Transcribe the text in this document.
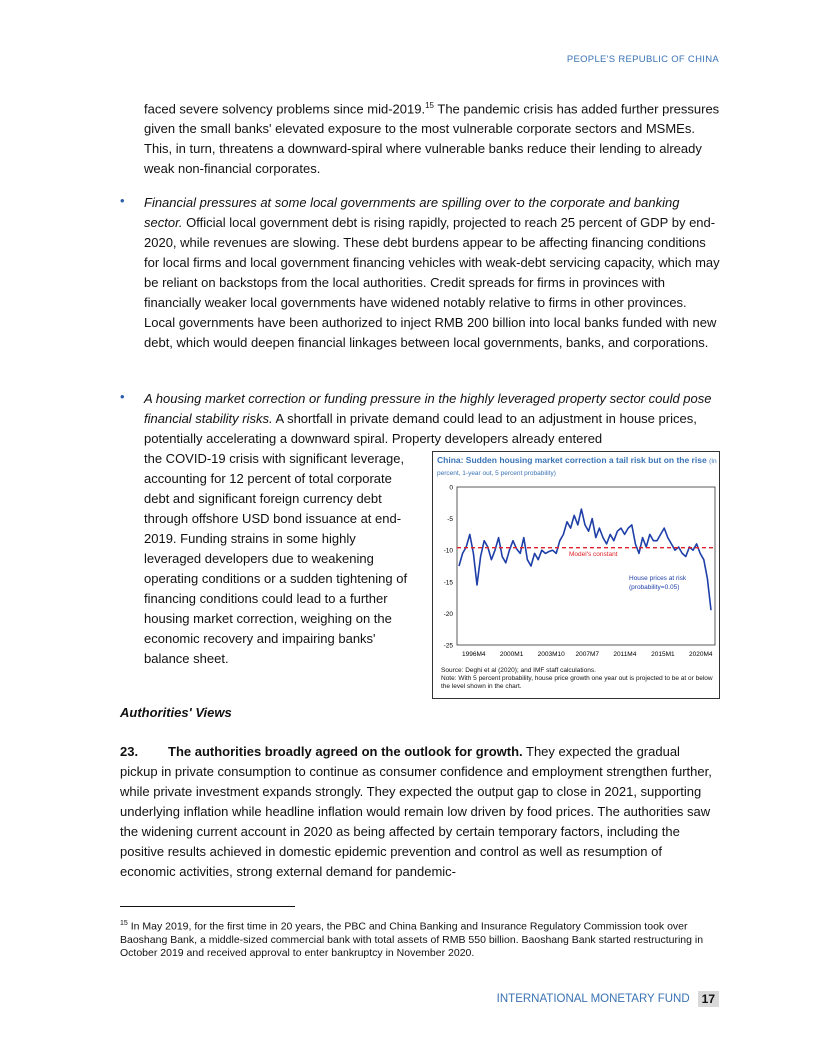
PEOPLE'S REPUBLIC OF CHINA

faced severe solvency problems since mid-2019.15 The pandemic crisis has added further pressures given the small banks' elevated exposure to the most vulnerable corporate sectors and MSMEs. This, in turn, threatens a downward-spiral where vulnerable banks reduce their lending to already weak non-financial corporates.

• Financial pressures at some local governments are spilling over to the corporate and banking sector. Official local government debt is rising rapidly, projected to reach 25 percent of GDP by end-2020, while revenues are slowing. These debt burdens appear to be affecting financing conditions for local firms and local government financing vehicles with weak-debt servicing capacity, which may be reliant on backstops from the local authorities. Credit spreads for firms in provinces with financially weaker local governments have widened notably relative to firms in other provinces. Local governments have been authorized to inject RMB 200 billion into local banks funded with new debt, which would deepen financial linkages between local governments, banks, and corporations.

• A housing market correction or funding pressure in the highly leveraged property sector could pose financial stability risks. A shortfall in private demand could lead to an adjustment in house prices, potentially accelerating a downward spiral. Property developers already entered

the COVID-19 crisis with significant leverage, accounting for 12 percent of total corporate debt and significant foreign currency debt through offshore USD bond issuance at end-2019. Funding strains in some highly leveraged developers due to weakening operating conditions or a sudden tightening of financing conditions could lead to a further housing market correction, weighing on the economic recovery and impairing banks' balance sheet.

China: Sudden housing market correction a tail risk but on the rise (In percent, 1-year out, 5 percent probability)
Model's constant
House prices at risk
(probability=0.05)
0
-5
-10
-15
-20
-25
1996M4 2000M1 2003M10 2007M7 2011M4 2015M1 2020M4
Source: Deghi et al (2020); and IMF staff calculations.
Note: With 5 percent probability, house price growth one year out is projected to be at or below the level shown in the chart.
Authorities' Views

23. The authorities broadly agreed on the outlook for growth. They expected the gradual pickup in private consumption to continue as consumer confidence and employment strengthen further, while private investment expands strongly. They expected the output gap to close in 2021, supporting underlying inflation while headline inflation would remain low driven by food prices. The authorities saw the widening current account in 2020 as being affected by certain temporary factors, including the positive results achieved in domestic epidemic prevention and control as well as resumption of economic activities, strong external demand for pandemic-

$^{15}$ In May 2019, for the first time in 20 years, the PBC and China Banking and Insurance Regulatory Commission took over Baoshang Bank, a middle-sized commercial bank with total assets of RMB 550 billion. Baoshang Bank started restructuring in October 2019 and received approval to enter bankruptcy in November 2020.

INTERNATIONAL MONETARY FUND	17
